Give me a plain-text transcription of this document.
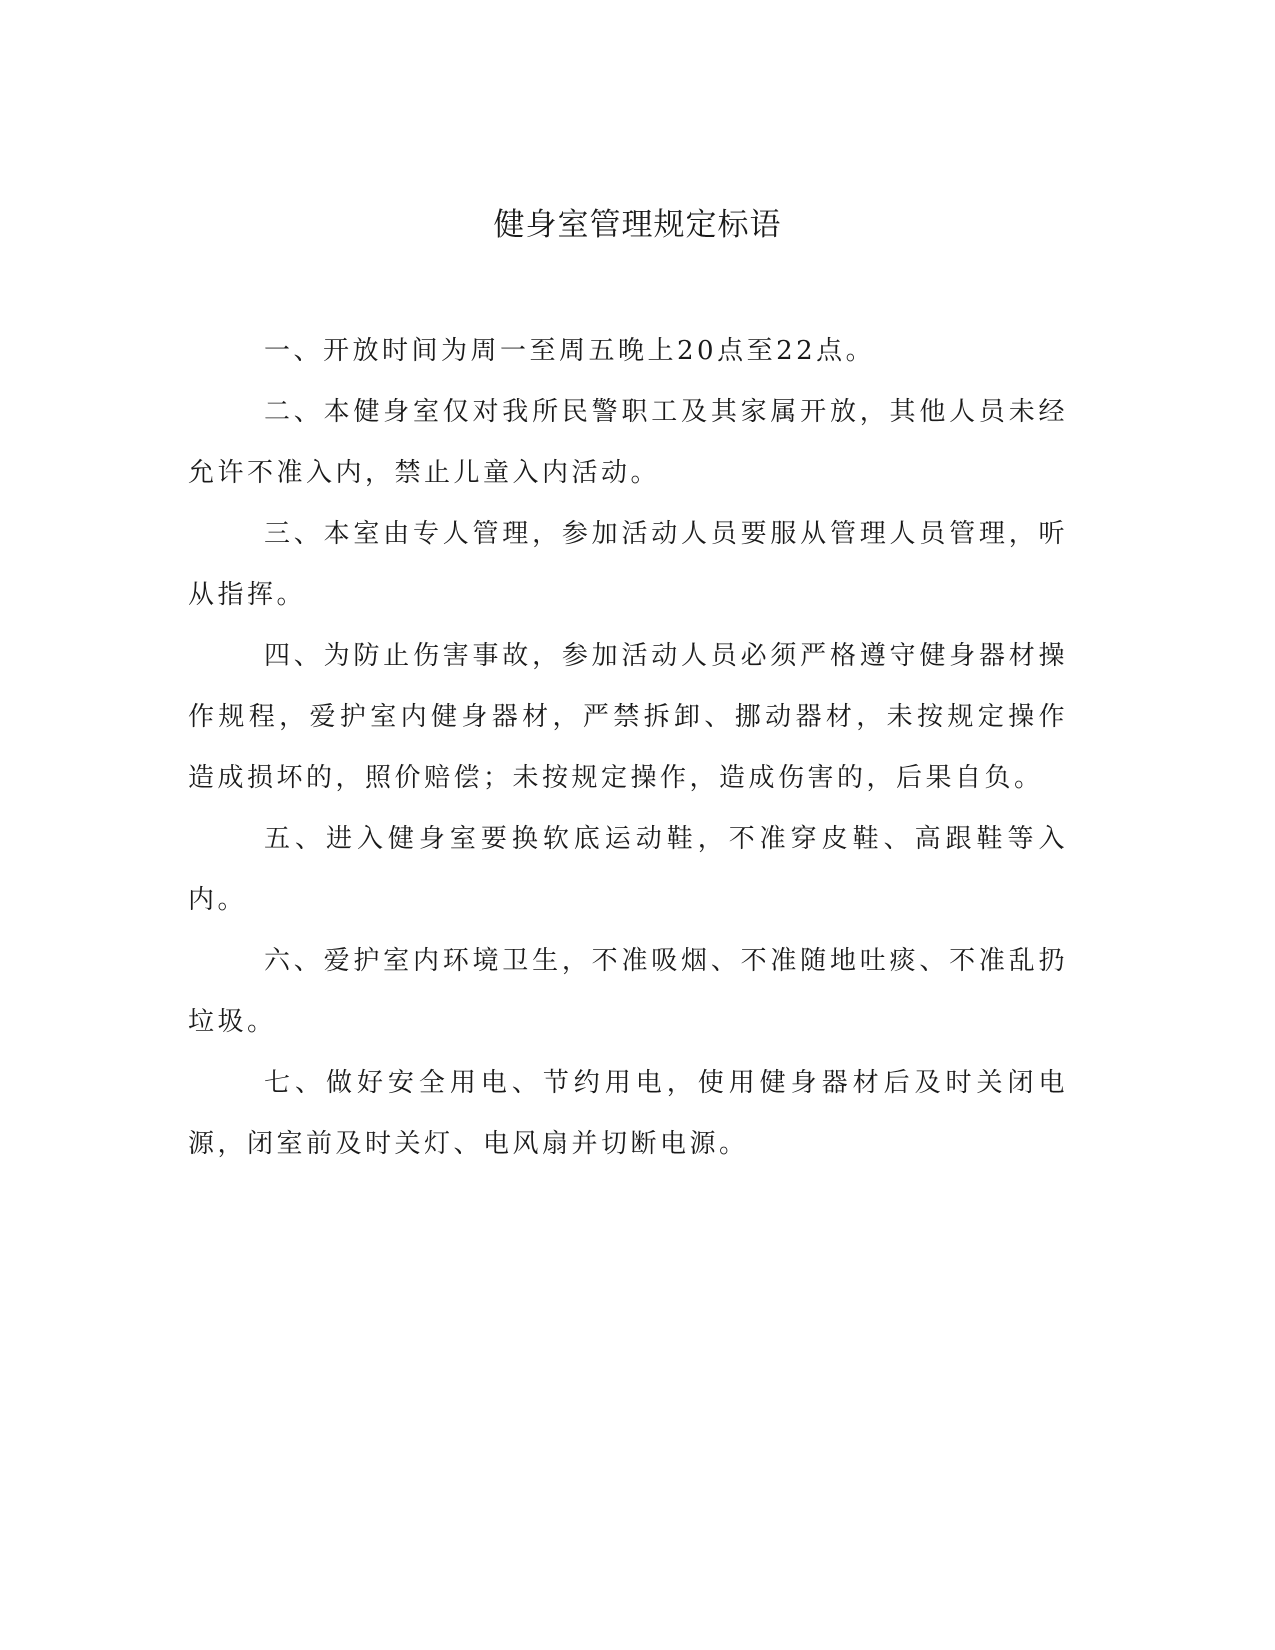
健身室管理规定标语

一、开放时间为周一至周五晚上20点至22点。

二、本健身室仅对我所民警职工及其家属开放，其他人员未经允许不准入内，禁止儿童入内活动。

三、本室由专人管理，参加活动人员要服从管理人员管理，听从指挥。

四、为防止伤害事故，参加活动人员必须严格遵守健身器材操作规程，爱护室内健身器材，严禁拆卸、挪动器材，未按规定操作造成损坏的，照价赔偿；未按规定操作，造成伤害的，后果自负。

五、进入健身室要换软底运动鞋，不准穿皮鞋、高跟鞋等入内。

六、爱护室内环境卫生，不准吸烟、不准随地吐痰、不准乱扔垃圾。

七、做好安全用电、节约用电，使用健身器材后及时关闭电源，闭室前及时关灯、电风扇并切断电源。
